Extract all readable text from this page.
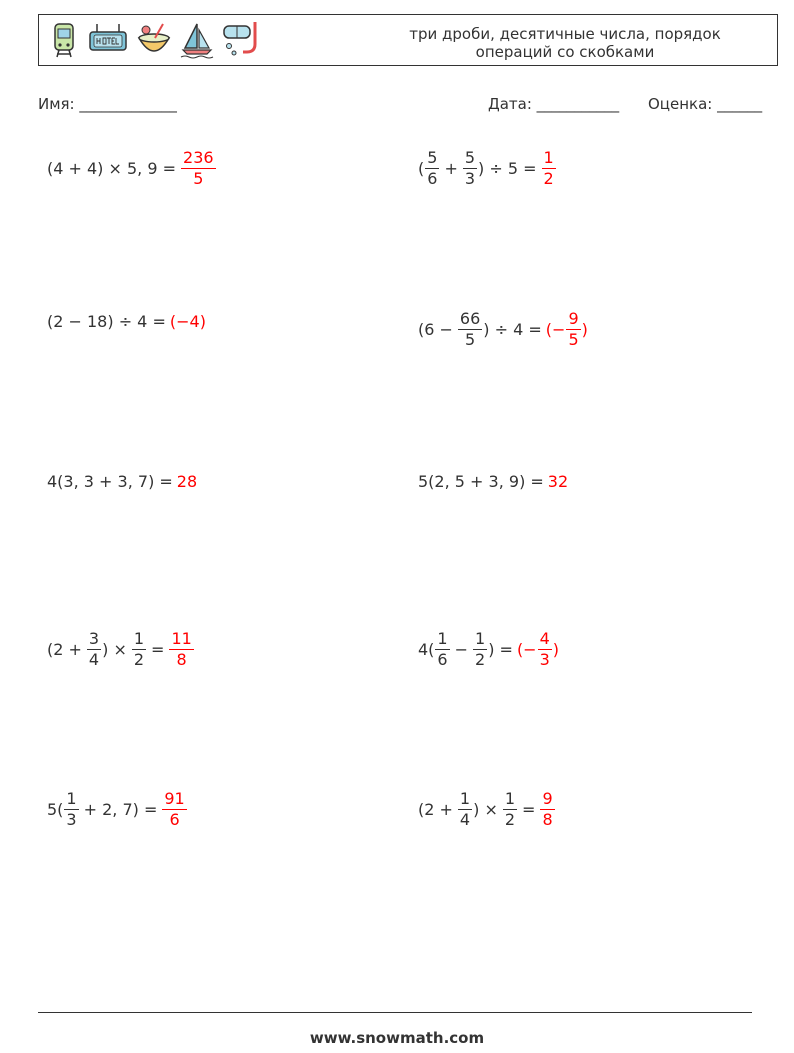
три дроби, десятичные числа, порядок
операций со скобками
Имя: _____________	Дата: ___________ Оценка: ______
(4 + 4) × 5, $9 = \frac{236}{5}$	( $\frac{5}{6} + \frac{5}{3}$ ) ÷ $5 = \frac{1}{2}$
(2 − 18) ÷ 4 = (−4)	($6 - \frac{66}{5}$ ) ÷ 4 = (− $\frac{9}{5}$ )
4(3, 3 + 3, 7) = 28	5(2, 5 + 3, 9) = 32
($2 + \frac{3}{4}$ ) × $\frac{1}{2} = \frac{11}{8}$	$4( \frac{1}{6} - \frac{1}{2}$ ) = (− $\frac{4}{3}$ )
$5( \frac{1}{3} + 2$, $7) = \frac{91}{6}$	($2 + \frac{1}{4}$ ) × $\frac{1}{2} = \frac{9}{8}$
www.snowmath.com
